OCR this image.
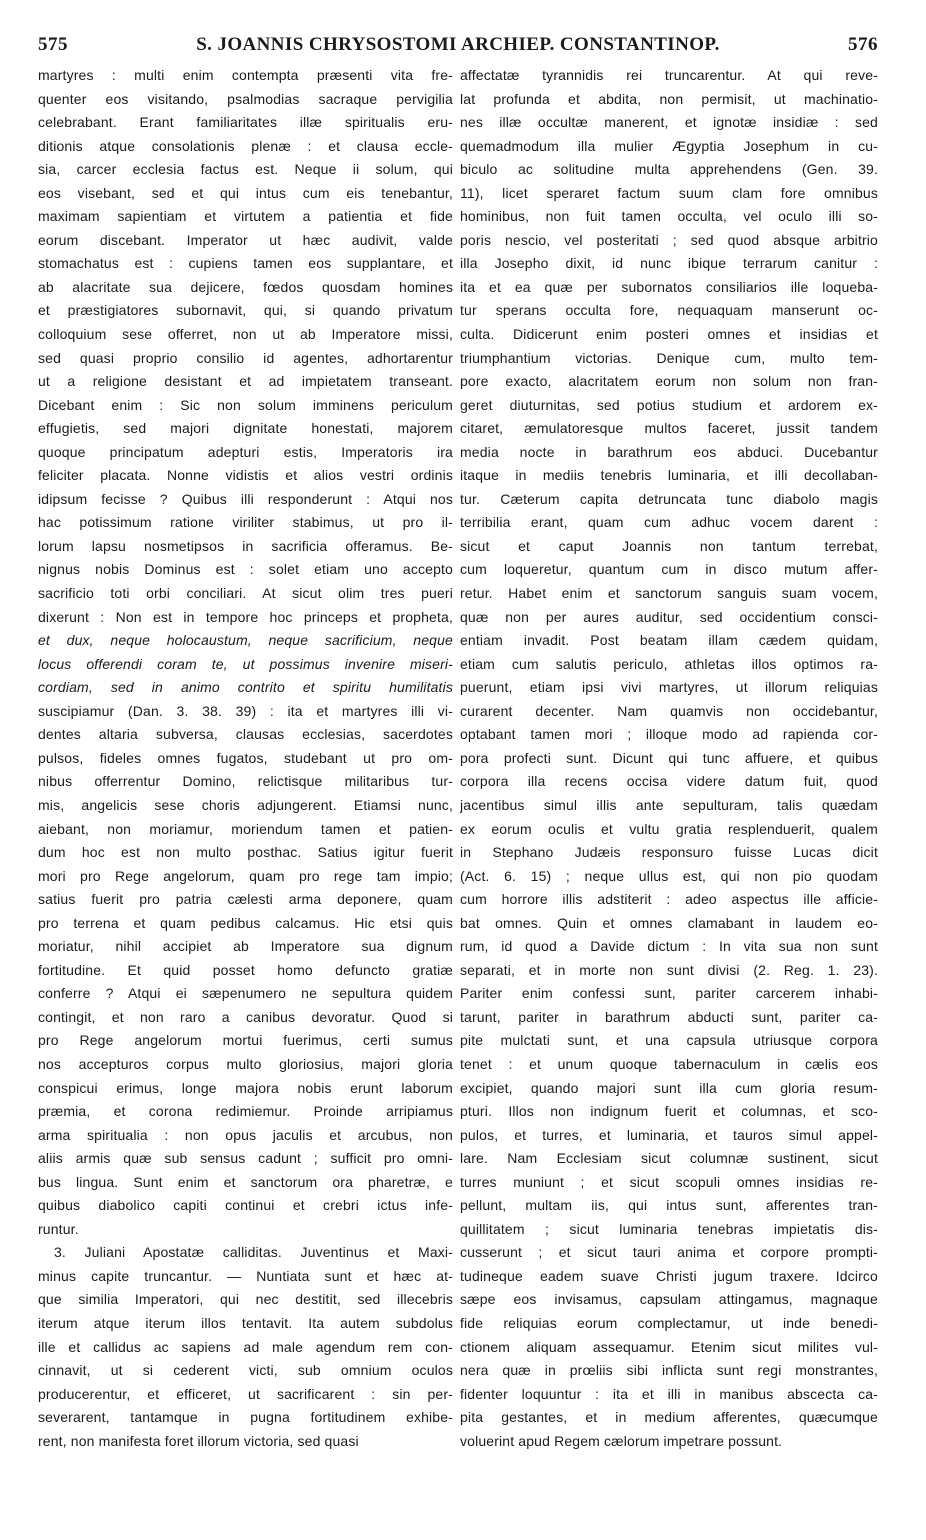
575	S. JOANNIS CHRYSOSTOMI ARCHIEP. CONSTANTINOP.	576
martyres : multi enim contempta præsenti vita fre-
quenter eos visitando, psalmodias sacraque pervigilia
celebrabant. Erant familiaritates illæ spiritualis eru-
ditionis atque consolationis plenæ : et clausa eccle-
sia, carcer ecclesia factus est. Neque ii solum, qui
eos visebant, sed et qui intus cum eis tenebantur,
maximam sapientiam et virtutem a patientia et fide
eorum discebant. Imperator ut hæc audivit, valde
stomachatus est : cupiens tamen eos supplantare, et
ab alacritate sua dejicere, fœdos quosdam homines
et præstigiatores subornavit, qui, si quando privatum
colloquium sese offerret, non ut ab Imperatore missi,
sed quasi proprio consilio id agentes, adhortarentur
ut a religione desistant et ad impietatem transeant.
Dicebant enim : Sic non solum imminens periculum
effugietis, sed majori dignitate honestati, majorem
quoque principatum adepturi estis, Imperatoris ira
feliciter placata. Nonne vidistis et alios vestri ordinis
idipsum fecisse ? Quibus illi responderunt : Atqui nos
hac potissimum ratione viriliter stabimus, ut pro il-
lorum lapsu nosmetipsos in sacrificia offeramus. Be-
nignus nobis Dominus est : solet etiam uno accepto
sacrificio toti orbi conciliari. At sicut olim tres pueri
dixerunt : Non est in tempore hoc princeps et propheta,
et dux, neque holocaustum, neque sacrificium, neque
locus offerendi coram te, ut possimus invenire miseri-
cordiam, sed in animo contrito et spiritu humilitatis
suscipiamur (Dan. 3. 38. 39) : ita et martyres illi vi-
dentes altaria subversa, clausas ecclesias, sacerdotes
pulsos, fideles omnes fugatos, studebant ut pro om-
nibus offerrentur Domino, relictisque militaribus tur-
mis, angelicis sese choris adjungerent. Etiamsi nunc,
aiebant, non moriamur, moriendum tamen et patien-
dum hoc est non multo posthac. Satius igitur fuerit
mori pro Rege angelorum, quam pro rege tam impio;
satius fuerit pro patria cælesti arma deponere, quam
pro terrena et quam pedibus calcamus. Hic etsi quis
moriatur, nihil accipiet ab Imperatore sua dignum
fortitudine. Et quid posset homo defuncto gratiæ
conferre ? Atqui ei sæpenumero ne sepultura quidem
contingit, et non raro a canibus devoratur. Quod si
pro Rege angelorum mortui fuerimus, certi sumus
nos accepturos corpus multo gloriosius, majori gloria
conspicui erimus, longe majora nobis erunt laborum
præmia, et corona redimiemur. Proinde arripiamus
arma spiritualia : non opus jaculis et arcubus, non
aliis armis quæ sub sensus cadunt ; sufficit pro omni-
bus lingua. Sunt enim et sanctorum ora pharetræ, e
quibus diabolico capiti continui et crebri ictus infe-
runtur.
3. Juliani Apostatæ calliditas. Juventinus et Maxi-
minus capite truncantur. — Nuntiata sunt et hæc at-
que similia Imperatori, qui nec destitit, sed illecebris
iterum atque iterum illos tentavit. Ita autem subdolus
ille et callidus ac sapiens ad male agendum rem con-
cinnavit, ut si cederent victi, sub omnium oculos
producerentur, et efficeret, ut sacrificarent : sin per-
severarent, tantamque in pugna fortitudinem exhibe-
rent, non manifesta foret illorum victoria, sed quasi
affectatæ tyrannidis rei truncarentur. At qui reve-
lat profunda et abdita, non permisit, ut machinatio-
nes illæ occultæ manerent, et ignotæ insidiæ : sed
quemadmodum illa mulier Ægyptia Josephum in cu-
biculo ac solitudine multa apprehendens (Gen. 39.
11), licet speraret factum suum clam fore omnibus
hominibus, non fuit tamen occulta, vel oculo illi so-
poris nescio, vel posteritati ; sed quod absque arbitrio
illa Josepho dixit, id nunc ibique terrarum canitur :
ita et ea quæ per subornatos consiliarios ille loqueba-
tur sperans occulta fore, nequaquam manserunt oc-
culta. Didicerunt enim posteri omnes et insidias et
triumphantium victorias. Denique cum, multo tem-
pore exacto, alacritatem eorum non solum non fran-
geret diuturnitas, sed potius studium et ardorem ex-
citaret, æmulatoresque multos faceret, jussit tandem
media nocte in barathrum eos abduci. Ducebantur
itaque in mediis tenebris luminaria, et illi decollaban-
tur. Cæterum capita detruncata tunc diabolo magis
terribilia erant, quam cum adhuc vocem darent :
sicut et caput Joannis non tantum terrebat,
cum loqueretur, quantum cum in disco mutum affer-
retur. Habet enim et sanctorum sanguis suam vocem,
quæ non per aures auditur, sed occidentium consci-
entiam invadit. Post beatam illam cædem quidam,
etiam cum salutis periculo, athletas illos optimos ra-
puerunt, etiam ipsi vivi martyres, ut illorum reliquias
curarent decenter. Nam quamvis non occidebantur,
optabant tamen mori ; illoque modo ad rapienda cor-
pora profecti sunt. Dicunt qui tunc affuere, et quibus
corpora illa recens occisa videre datum fuit, quod
jacentibus simul illis ante sepulturam, talis quædam
ex eorum oculis et vultu gratia resplenduerit, qualem
in Stephano Judæis responsuro fuisse Lucas dicit
(Act. 6. 15) ; neque ullus est, qui non pio quodam
cum horrore illis adstiterit : adeo aspectus ille afficie-
bat omnes. Quin et omnes clamabant in laudem eo-
rum, id quod a Davide dictum : In vita sua non sunt
separati, et in morte non sunt divisi (2. Reg. 1. 23).
Pariter enim confessi sunt, pariter carcerem inhabi-
tarunt, pariter in barathrum abducti sunt, pariter ca-
pite mulctati sunt, et una capsula utriusque corpora
tenet : et unum quoque tabernaculum in cælis eos
excipiet, quando majori sunt illa cum gloria resum-
pturi. Illos non indignum fuerit et columnas, et sco-
pulos, et turres, et luminaria, et tauros simul appel-
lare. Nam Ecclesiam sicut columnæ sustinent, sicut
turres muniunt ; et sicut scopuli omnes insidias re-
pellunt, multam iis, qui intus sunt, afferentes tran-
quillitatem ; sicut luminaria tenebras impietatis dis-
cusserunt ; et sicut tauri anima et corpore prompti-
tudineque eadem suave Christi jugum traxere. Idcirco
sæpe eos invisamus, capsulam attingamus, magnaque
fide reliquias eorum complectamur, ut inde benedi-
ctionem aliquam assequamur. Etenim sicut milites vul-
nera quæ in prœliis sibi inflicta sunt regi monstrantes,
fidenter loquuntur : ita et illi in manibus abscecta ca-
pita gestantes, et in medium afferentes, quæcumque
voluerint apud Regem cælorum impetrare possunt.
